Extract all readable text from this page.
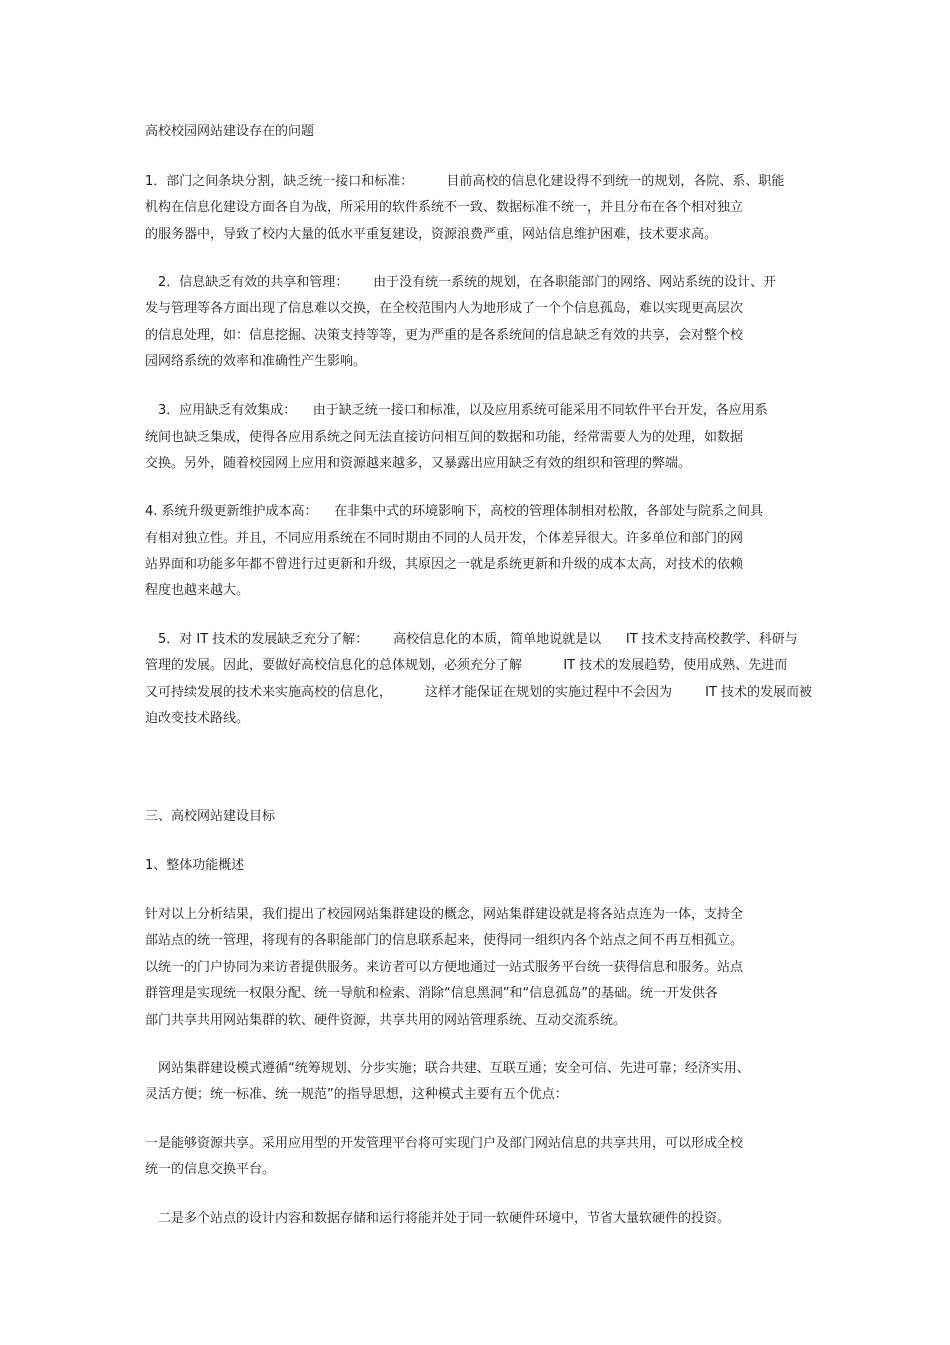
高校校园网站建设存在的问题
1．部门之间条块分割，缺乏统一接口和标准：        目前高校的信息化建设得不到统一的规划，各院、系、职能
机构在信息化建设方面各自为战，所采用的软件系统不一致、数据标准不统一，并且分布在各个相对独立
的服务器中，导致了校内大量的低水平重复建设，资源浪费严重，网站信息维护困难，技术要求高。
2．信息缺乏有效的共享和管理：      由于没有统一系统的规划，在各职能部门的网络、网站系统的设计、开
发与管理等各方面出现了信息难以交换，在全校范围内人为地形成了一个个信息孤岛，难以实现更高层次
的信息处理，如：信息挖掘、决策支持等等，更为严重的是各系统间的信息缺乏有效的共享，会对整个校
园网络系统的效率和准确性产生影响。
3．应用缺乏有效集成：    由于缺乏统一接口和标准，以及应用系统可能采用不同软件平台开发，各应用系
统间也缺乏集成，使得各应用系统之间无法直接访问相互间的数据和功能，经常需要人为的处理，如数据
交换。另外，随着校园网上应用和资源越来越多，又暴露出应用缺乏有效的组织和管理的弊端。
4. 系统升级更新维护成本高：    在非集中式的环境影响下，高校的管理体制相对松散，各部处与院系之间具
有相对独立性。并且，不同应用系统在不同时期由不同的人员开发，个体差异很大。许多单位和部门的网
站界面和功能多年都不曾进行过更新和升级，其原因之一就是系统更新和升级的成本太高，对技术的依赖
程度也越来越大。
5．对 IT 技术的发展缺乏充分了解：      高校信息化的本质，简单地说就是以      IT 技术支持高校教学、科研与
管理的发展。因此，要做好高校信息化的总体规划，必须充分了解          IT 技术的发展趋势，使用成熟、先进而
又可持续发展的技术来实施高校的信息化，        这样才能保证在规划的实施过程中不会因为        IT 技术的发展而被
迫改变技术路线。
三、高校网站建设目标
1、整体功能概述
针对以上分析结果，我们提出了校园网站集群建设的概念，网站集群建设就是将各站点连为一体，支持全
部站点的统一管理，将现有的各职能部门的信息联系起来，使得同一组织内各个站点之间不再互相孤立。
以统一的门户协同为来访者提供服务。来访者可以方便地通过一站式服务平台统一获得信息和服务。站点
群管理是实现统一权限分配、统一导航和检索、消除“信息黑洞”和“信息孤岛”的基础。统一开发供各
部门共享共用网站集群的软、硬件资源，共享共用的网站管理系统、互动交流系统。
网站集群建设模式遵循“统筹规划、分步实施；联合共建、互联互通；安全可信、先进可靠；经济实用、
灵活方便；统一标准、统一规范”的指导思想，这种模式主要有五个优点：
一是能够资源共享。采用应用型的开发管理平台将可实现门户及部门网站信息的共享共用，可以形成全校
统一的信息交换平台。
二是多个站点的设计内容和数据存储和运行将能并处于同一软硬件环境中，节省大量软硬件的投资。
